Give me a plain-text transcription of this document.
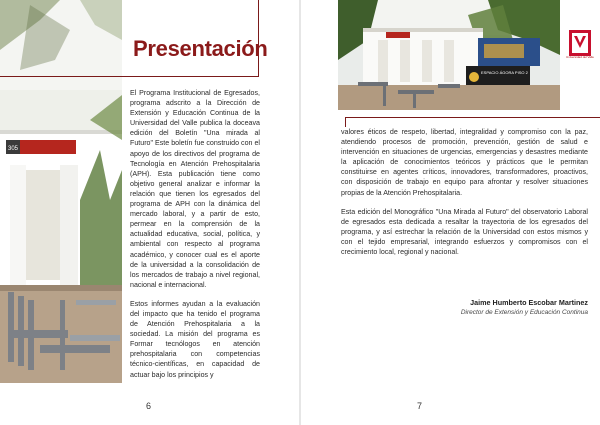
305
Presentación

El Programa Institucional de Egresados, programa adscrito a la Dirección de Extensión y Educación Continua de la Universidad del Valle publica la doceava edición del Boletín "Una mirada al Futuro" Este boletín fue construido con el apoyo de los directivos del programa de Tecnología en Atención Prehospitalaria (APH). Esta publicación tiene como objetivo general analizar e informar la relación que tienen los egresados del programa de APH con la dinámica del mercado laboral, y a partir de esto, permear en la comprensión de la actualidad educativa, social, política, y ambiental con respecto al programa académico, y conocer cual es el aporte de la universidad a la consolidación de los mercados de trabajo a nivel regional, nacional e internacional.

Estos informes ayudan a la evaluación del impacto que ha tenido el programa de Atención Prehospitalaria a la sociedad. La misión del programa es Formar tecnólogos en atención prehospitalaria con competencias técnico-científicas, en capacidad de actuar bajo los principios y

6
ESPACIO ÁGORA PISO 2
Universidad del Valle

valores éticos de respeto, libertad, integralidad y compromiso con la paz, atendiendo procesos de promoción, prevención, gestión de salud e intervención en situaciones de urgencias, emergencias y desastres mediante la aplicación de conocimientos teóricos y prácticos que le permitan constituirse en agentes críticos, innovadores, transformadores, proactivos, con disposición de trabajo en equipo para afrontar y resolver situaciones propias de la Atención Prehospitalaria.

Esta edición del Monográfico "Una Mirada al Futuro" del observatorio Laboral de egresados esta dedicada a resaltar la trayectoria de los egresados del programa, y así estrechar la relación de la Universidad con estos mismos y con el tejido empresarial, integrando esfuerzos y compromisos con el crecimiento local, regional y nacional.

Jaime Humberto Escobar Martinez
Director de Extensión y Educación Continua
7
